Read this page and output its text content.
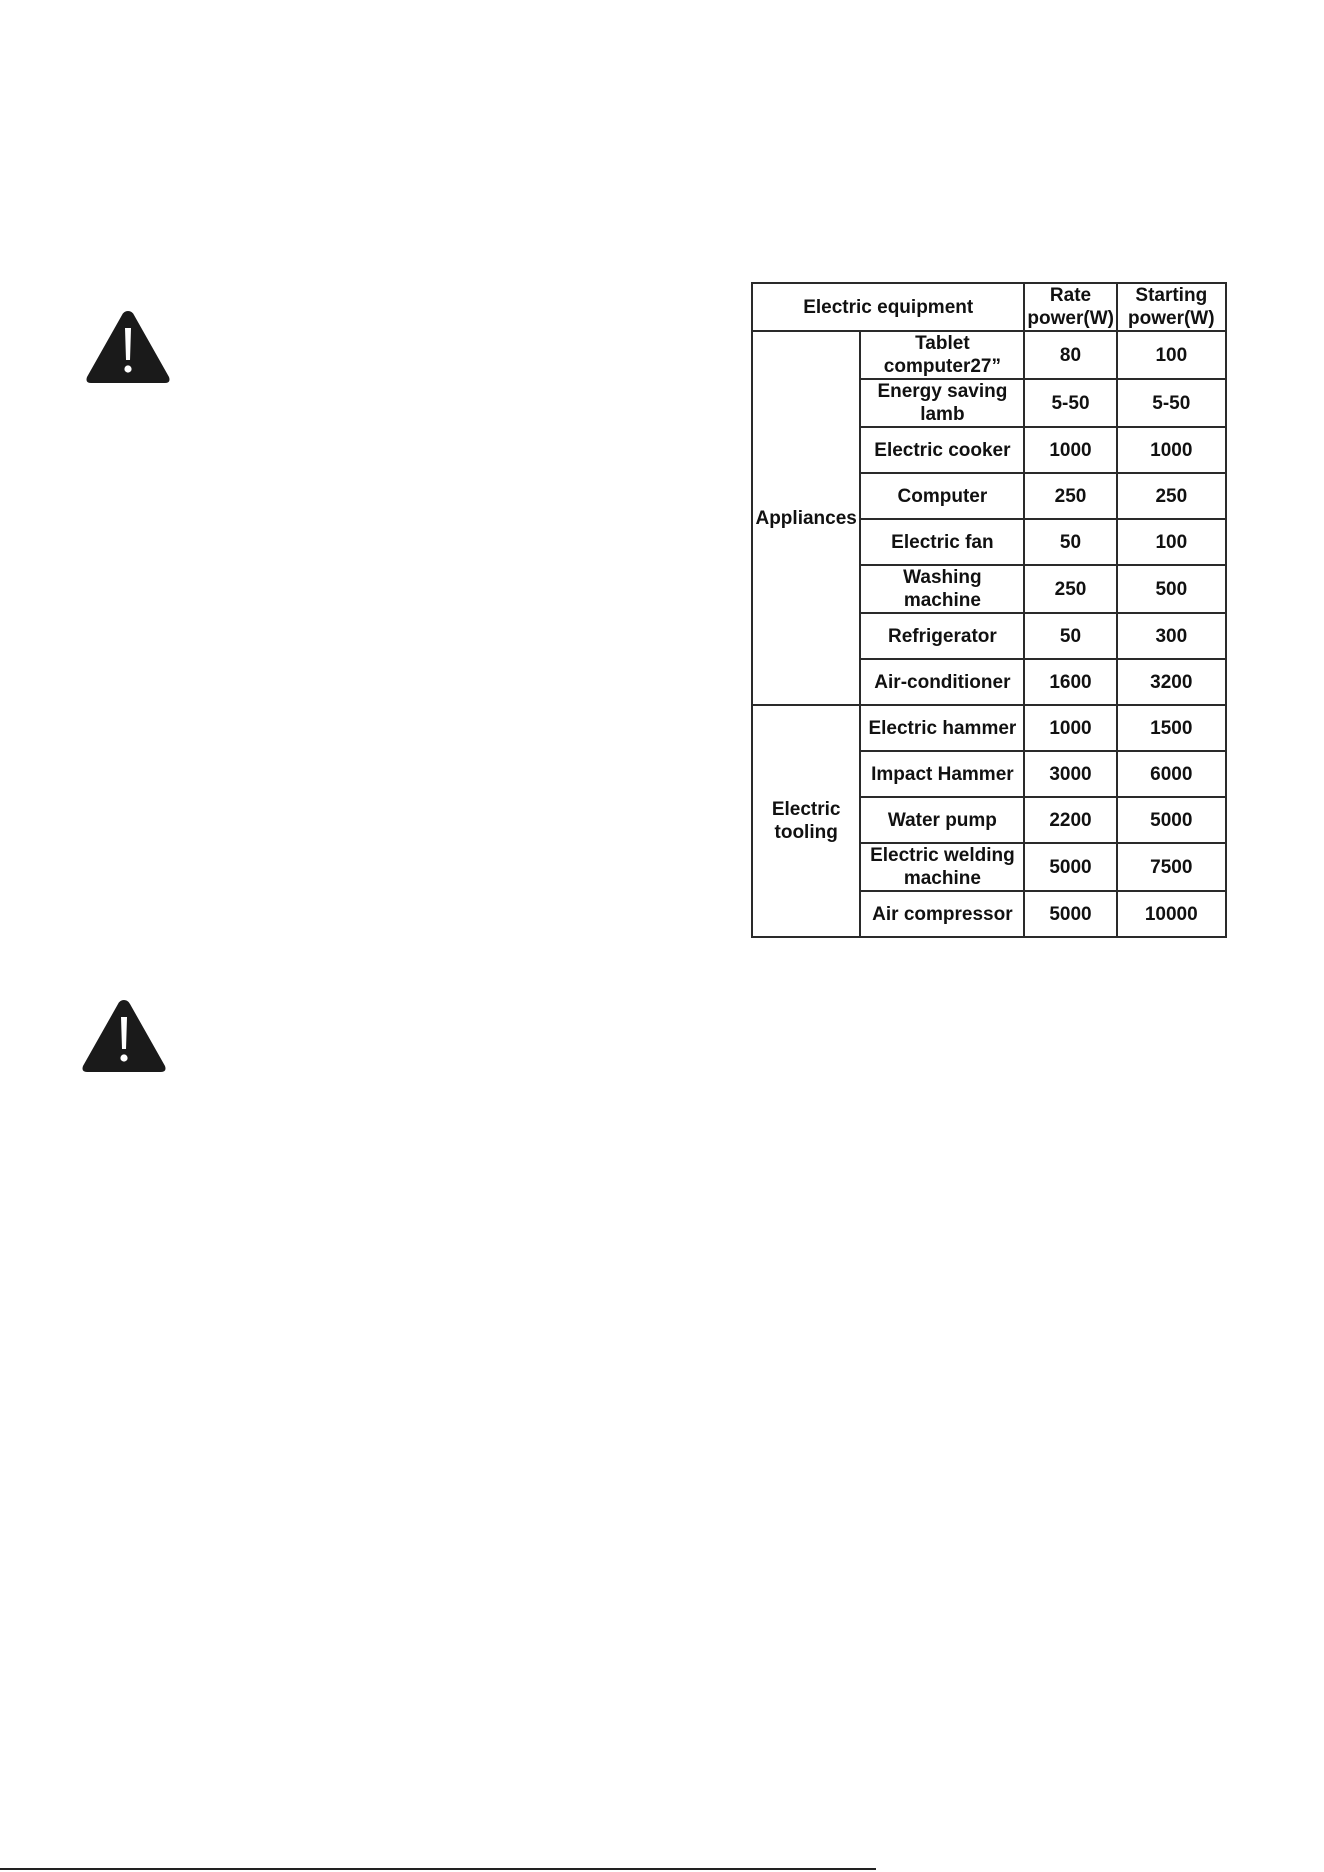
Electric equipment		Rate power(W)	Starting power(W)
Appliances	Tablet computer27”	80	100
	Energy saving lamb	5-50	5-50
	Electric cooker	1000	1000
	Computer	250	250
	Electric fan	50	100
	Washing machine	250	500
	Refrigerator	50	300
	Air-conditioner	1600	3200
Electric tooling	Electric hammer	1000	1500
	Impact Hammer	3000	6000
	Water pump	2200	5000
	Electric welding machine	5000	7500
	Air compressor	5000	10000
